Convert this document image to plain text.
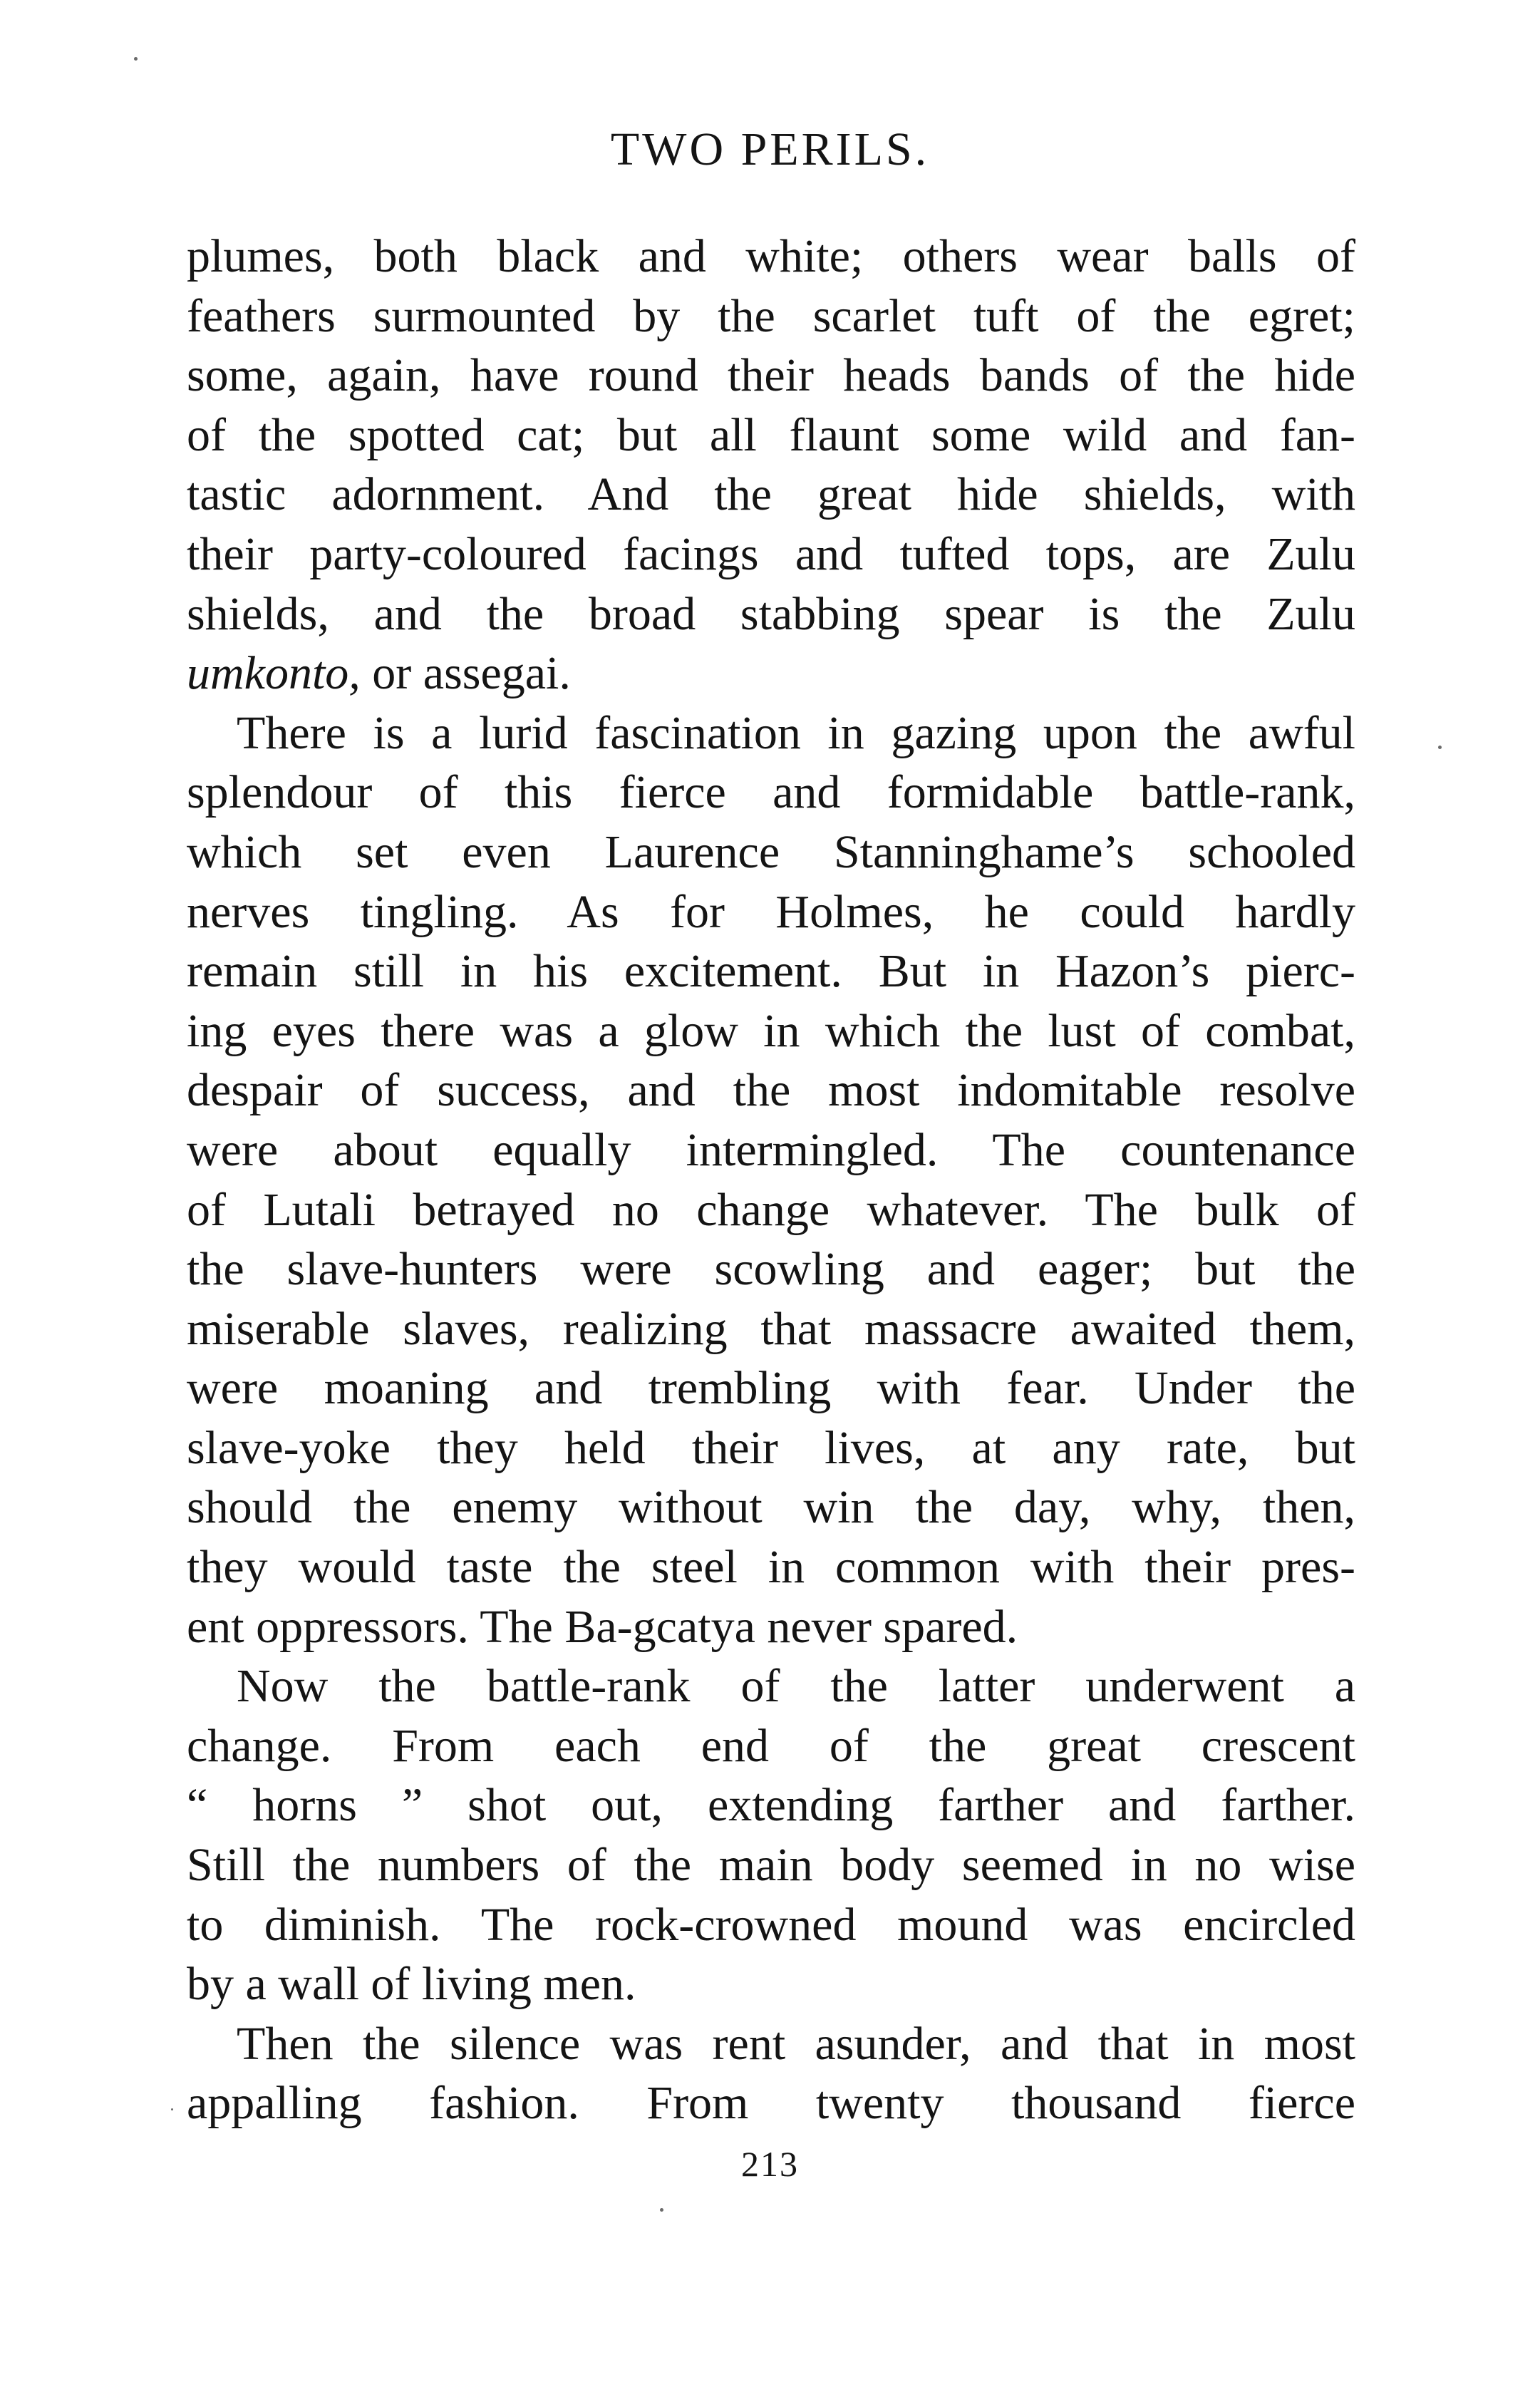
TWO PERILS.
plumes, both black and white; others wear balls of
feathers surmounted by the scarlet tuft of the egret;
some, again, have round their heads bands of the hide
of the spotted cat; but all flaunt some wild and fan-
tastic adornment. And the great hide shields, with
their party-coloured facings and tufted tops, are Zulu
shields, and the broad stabbing spear is the Zulu
umkonto, or assegai.
There is a lurid fascination in gazing upon the awful
splendour of this fierce and formidable battle-rank,
which set even Laurence Stanninghame’s schooled
nerves tingling. As for Holmes, he could hardly
remain still in his excitement. But in Hazon’s pierc-
ing eyes there was a glow in which the lust of combat,
despair of success, and the most indomitable resolve
were about equally intermingled. The countenance
of Lutali betrayed no change whatever. The bulk of
the slave-hunters were scowling and eager; but the
miserable slaves, realizing that massacre awaited them,
were moaning and trembling with fear. Under the
slave-yoke they held their lives, at any rate, but
should the enemy without win the day, why, then,
they would taste the steel in common with their pres-
ent oppressors. The Ba-gcatya never spared.
Now the battle-rank of the latter underwent a
change. From each end of the great crescent
“ horns ” shot out, extending farther and farther.
Still the numbers of the main body seemed in no wise
to diminish. The rock-crowned mound was encircled
by a wall of living men.
Then the silence was rent asunder, and that in most
appalling fashion. From twenty thousand fierce
213
